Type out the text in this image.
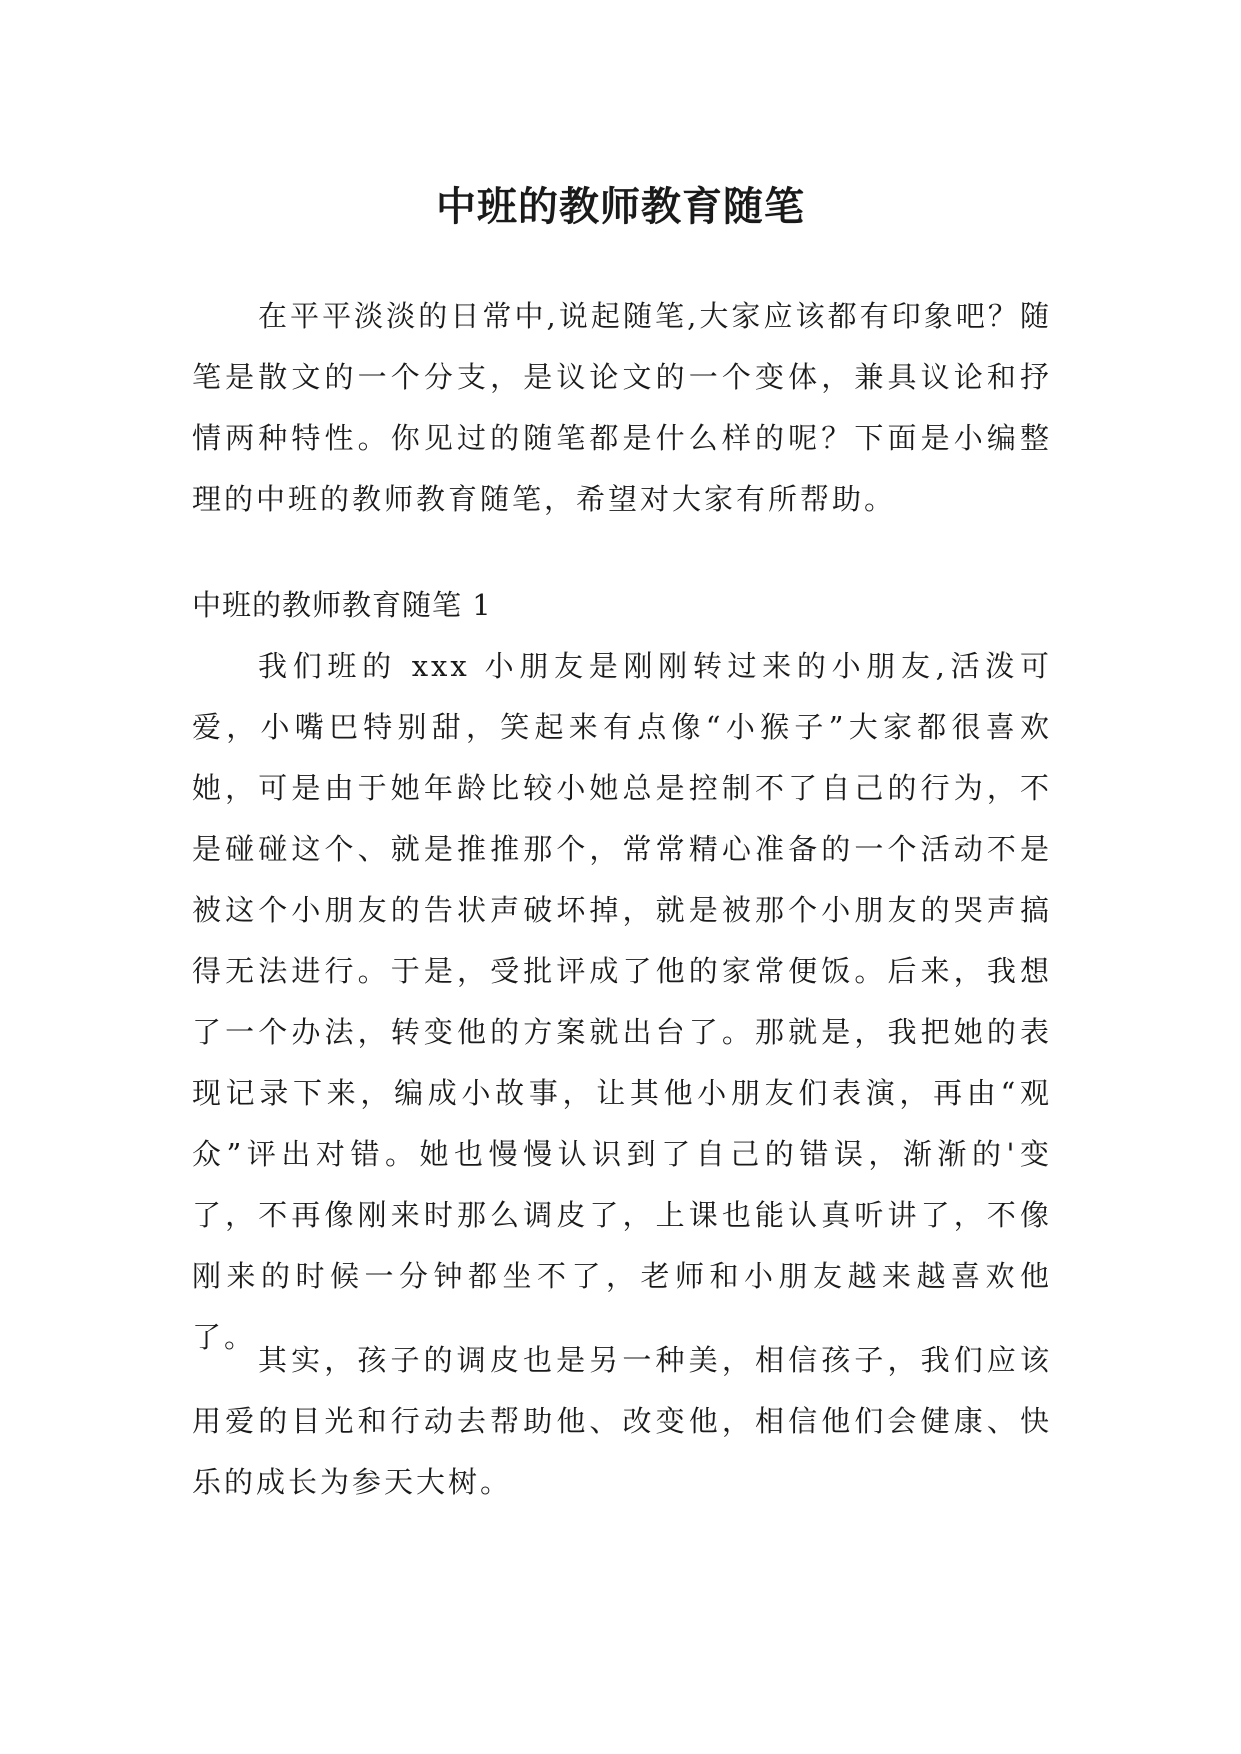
中班的教师教育随笔

在平平淡淡的日常中,说起随笔,大家应该都有印象吧？随笔是散文的一个分支，是议论文的一个变体，兼具议论和抒情两种特性。你见过的随笔都是什么样的呢？下面是小编整理的中班的教师教育随笔，希望对大家有所帮助。

中班的教师教育随笔 1

我们班的 xxx 小朋友是刚刚转过来的小朋友,活泼可爱，小嘴巴特别甜，笑起来有点像“小猴子”大家都很喜欢她，可是由于她年龄比较小她总是控制不了自己的行为，不是碰碰这个、就是推推那个，常常精心准备的一个活动不是被这个小朋友的告状声破坏掉，就是被那个小朋友的哭声搞得无法进行。于是，受批评成了他的家常便饭。后来，我想了一个办法，转变他的方案就出台了。那就是，我把她的表现记录下来，编成小故事，让其他小朋友们表演，再由“观众”评出对错。她也慢慢认识到了自己的错误，渐渐的'变了，不再像刚来时那么调皮了，上课也能认真听讲了，不像刚来的时候一分钟都坐不了，老师和小朋友越来越喜欢他了。

其实，孩子的调皮也是另一种美，相信孩子，我们应该用爱的目光和行动去帮助他、改变他，相信他们会健康、快乐的成长为参天大树。
